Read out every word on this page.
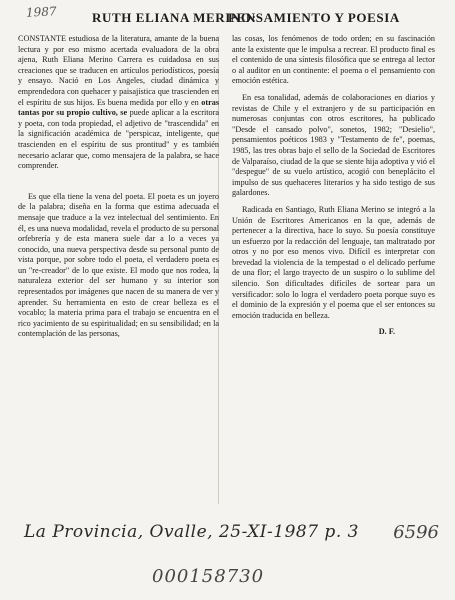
1987	RUTH ELIANA MERINO:
PENSAMIENTO Y POESIA

CONSTANTE estudiosa de la literatura, amante de la buena lectura y por eso mismo acertada evaluadora de la obra ajena, Ruth Eliana Merino Carrera es cuidadosa en sus creaciones que se traducen en artículos periodísticos, poesía y ensayo. Nació en Los Angeles, ciudad dinámica y emprendedora con quehacer y paisajística que trascienden en el espíritu de sus hijos. Es buena medida por ello y en otras tantas por su propio cultivo, se puede aplicar a la escritora y poeta, con toda propiedad, el adjetivo de "trascendida" en la significación académica de "perspicaz, inteligente, que trascienden en el espíritu de sus prontitud" y es también necesario aclarar que, como mensajera de la palabra, se hace comprender.

Es que ella tiene la vena del poeta. El poeta es un joyero de la palabra; diseña en la forma que estima adecuada el mensaje que traduce a la vez intelectual del sentimiento. En él, es una nueva modalidad, revela el producto de su personal orfebrería y de esta manera suele dar a lo a veces ya conocido, una nueva perspectiva desde su personal punto de vista porque, por sobre todo el poeta, el verdadero poeta es un "re-creador" de lo que existe. El modo que nos rodea, la naturaleza exterior del ser humano y su interior son representados por imágenes que nacen de su manera de ver y aprender. Su herramienta en esto de crear belleza es el vocablo; la materia prima para el trabajo se encuentra en el rico yacimiento de su espiritualidad; en su sensibilidad; en la contemplación de las personas,

las cosas, los fenómenos de todo orden; en su fascinación ante la existente que le impulsa a recrear. El producto final es el contenido de una síntesis filosófica que se entrega al lector o al auditor en un continente: el poema o el pensamiento con emoción estética.

En esa tonalidad, además de colaboraciones en diarios y revistas de Chile y el extranjero y de su participación en numerosas conjuntas con otros escritores, ha publicado "Desde el cansado polvo", sonetos, 1982; "Desielio", pensamientos poéticos 1983 y "Testamento de fe", poemas, 1985, las tres obras bajo el sello de la Sociedad de Escritores de Valparaíso, ciudad de la que se siente hija adoptiva y vió el "despegue" de su vuelo artístico, acogió con beneplácito el impulso de sus quehaceres literarios y ha sido testigo de sus galardones.

Radicada en Santiago, Ruth Eliana Merino se integró a la Unión de Escritores Americanos en la que, además de pertenecer a la directiva, hace lo suyo. Su poesía constituye un esfuerzo por la redacción del lenguaje, tan maltratado por otros y no por eso menos vivo. Difícil es interpretar con brevedad la violencia de la tempestad o el delicado perfume de una flor; el largo trayecto de un suspiro o lo sublime del silencio. Son dificultades difíciles de sortear para un versificador: solo lo logra el verdadero poeta porque suyo es el dominio de la expresión y el poema que el ser entonces su emoción traducida en belleza.

D. F.
La Provincia, Ovalle, 25-XI-1987 p. 3 6596
000158730
